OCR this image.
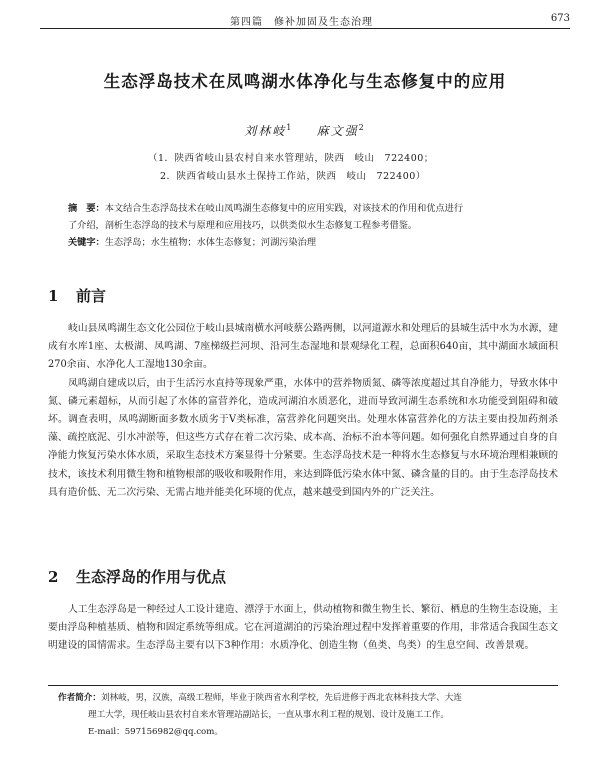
第四篇　修补加固及生态治理	673
生态浮岛技术在凤鸣湖水体净化与生态修复中的应用
刘林岐$^1$ 麻文强$^2$
（1．陕西省岐山县农村自来水管理站，陕西　岐山　722400；
2．陕西省岐山县水土保持工作站，陕西　岐山　722400）
摘　要：本文结合生态浮岛技术在岐山凤鸣湖生态修复中的应用实践，对该技术的作用和优点进行
了介绍，剖析生态浮岛的技术与原理和应用技巧，以供类似水生态修复工程参考借鉴。
关键字：生态浮岛；水生植物；水体生态修复；河湖污染治理
1 前言

岐山县凤鸣湖生态文化公园位于岐山县城南横水河岐蔡公路两侧，以河道源水和处理后的县城生活中水为水源，建成有水库1座、太极湖、凤鸣湖、7座梯级拦河坝、沿河生态湿地和景观绿化工程，总面积640亩，其中湖面水域面积270余亩、水净化人工湿地130余亩。

凤鸣湖自建成以后，由于生活污水直持等现象严重，水体中的营养物质氮、磷等浓度超过其自净能力，导致水体中氮、磷元素超标，从而引起了水体的富营养化，造成河湖泊水质恶化，进而导致河湖生态系统和水功能受到阻碍和破坏。调查表明，凤鸣湖断面多数水质劣于Ⅴ类标准，富营养化问题突出。处理水体富营养化的方法主要由投加药剂杀藻、疏控底泥、引水冲淤等，但这些方式存在着二次污染、成本高、治标不治本等问题。如何强化自然界通过自身的自净能力恢复污染水体水质，采取生态技术方案显得十分紧要。生态浮岛技术是一种将水生态修复与水环境治理相兼顾的技术，该技术利用微生物和植物根部的吸收和吸附作用，来达到降低污染水体中氮、磷含量的目的。由于生态浮岛技术具有造价低、无二次污染、无需占地并能美化环境的优点，越来越受到国内外的广泛关注。

2 生态浮岛的作用与优点

人工生态浮岛是一种经过人工设计建造、漂浮于水面上，供动植物和微生物生长、繁衍、栖息的生物生态设施，主要由浮岛种植基质、植物和固定系统等组成。它在河道湖泊的污染治理过程中发挥着重要的作用，非常适合我国生态文明建设的国情需求。生态浮岛主要有以下3种作用：水质净化、创造生物（鱼类、鸟类）的生息空间、改善景观。

作者简介：刘林岐，男，汉族，高级工程师，毕业于陕西省水利学校，先后进修于西北农林科技大学、大连
理工大学，现任岐山县农村自来水管理站副站长，一直从事水利工程的规划、设计及施工工作。
E-mail：597156982@qq.com。
